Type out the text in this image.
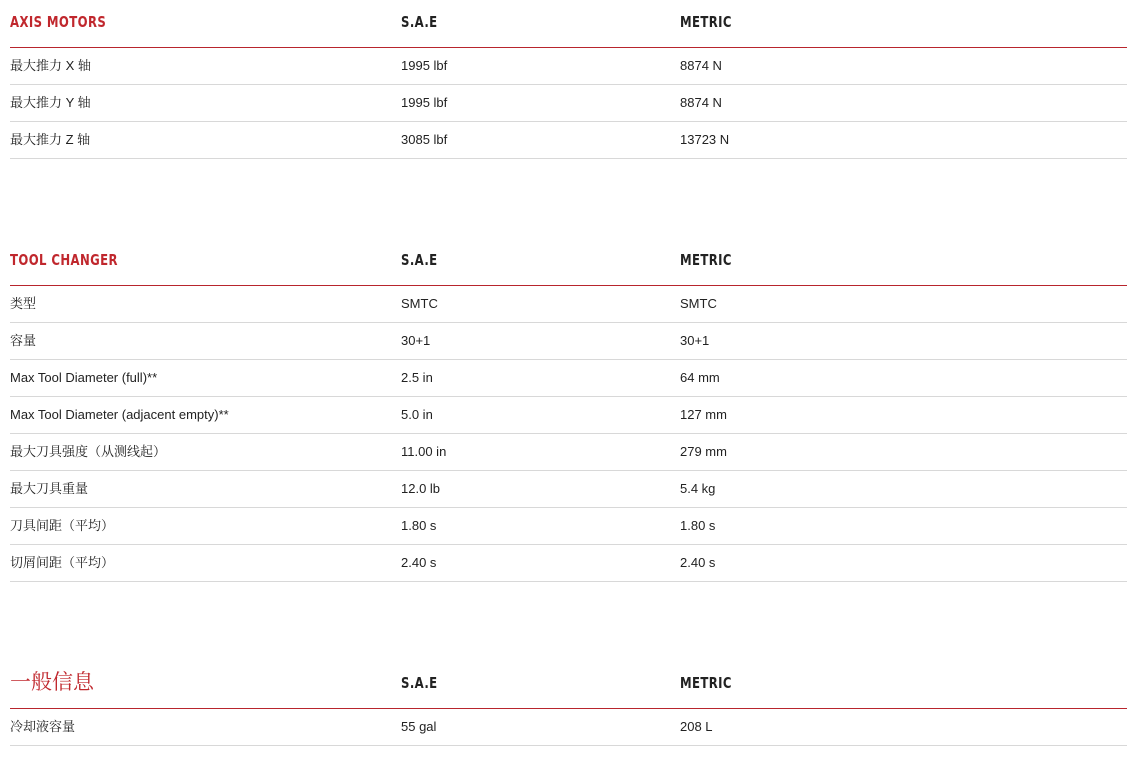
AXIS MOTORS	S.A.E	METRIC
最大推力 X 轴	1995 lbf	8874 N
最大推力 Y 轴	1995 lbf	8874 N
最大推力 Z 轴	3085 lbf	13723 N
TOOL CHANGER	S.A.E	METRIC
类型	SMTC	SMTC
容量	30+1	30+1
Max Tool Diameter (full)**	2.5 in	64 mm
Max Tool Diameter (adjacent empty)**	5.0 in	127 mm
最大刀具强度（从测线起）	11.00 in	279 mm
最大刀具重量	12.0 lb	5.4 kg
刀具间距（平均）	1.80 s	1.80 s
切屑间距（平均）	2.40 s	2.40 s
一般信息	S.A.E	METRIC
冷却液容量	55 gal	208 L
